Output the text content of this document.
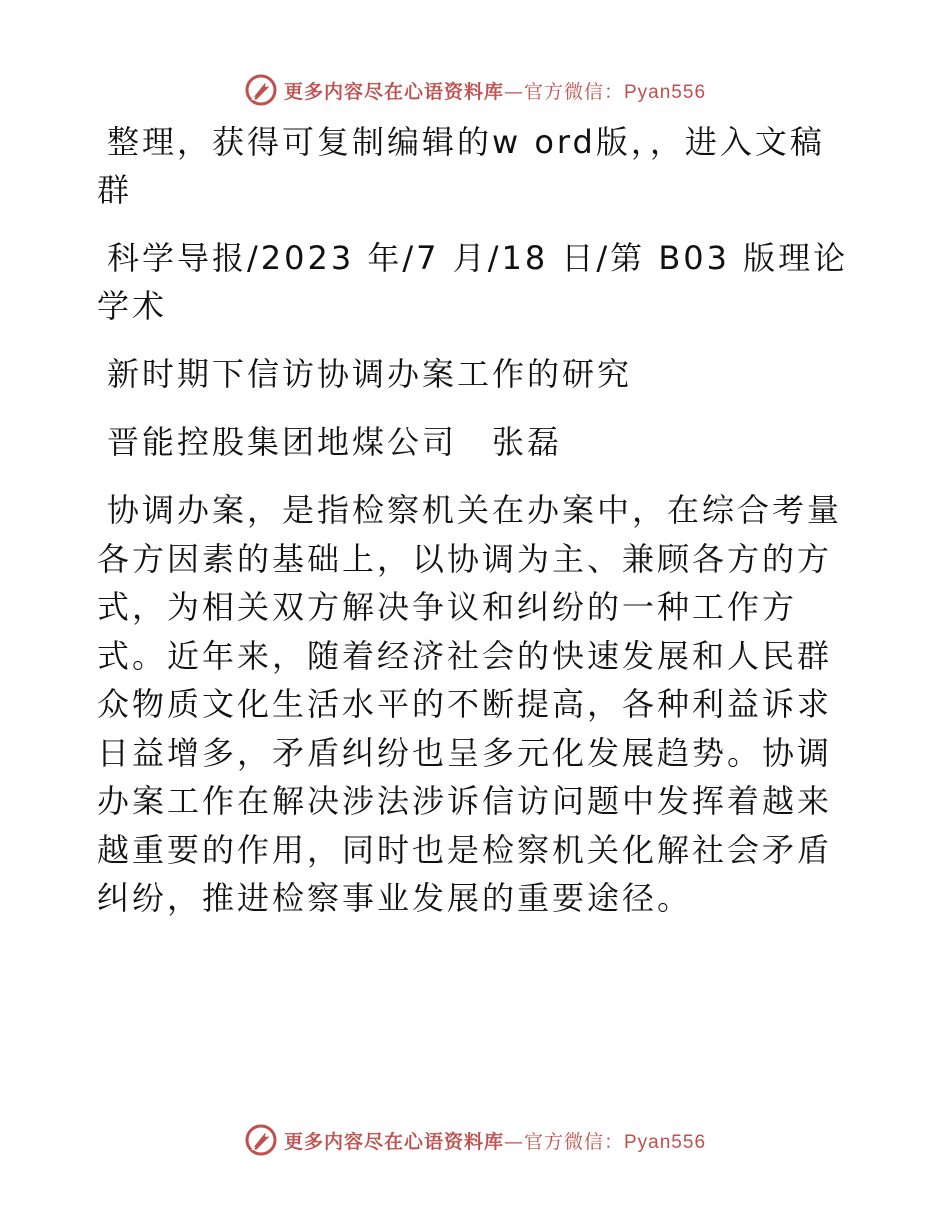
更多内容尽在心语资料库—官方微信：Pyan556

整理，获得可复制编辑的w ord版，，进入文稿群

科学导报/2023 年/7 月/18 日/第 B03 版理论学术

新时期下信访协调办案工作的研究

晋能控股集团地煤公司　张磊

协调办案，是指检察机关在办案中，在综合考量各方因素的基础上，以协调为主、兼顾各方的方式，为相关双方解决争议和纠纷的一种工作方式。近年来，随着经济社会的快速发展和人民群众物质文化生活水平的不断提高，各种利益诉求日益增多，矛盾纠纷也呈多元化发展趋势。协调办案工作在解决涉法涉诉信访问题中发挥着越来越重要的作用，同时也是检察机关化解社会矛盾纠纷，推进检察事业发展的重要途径。

更多内容尽在心语资料库—官方微信：Pyan556
